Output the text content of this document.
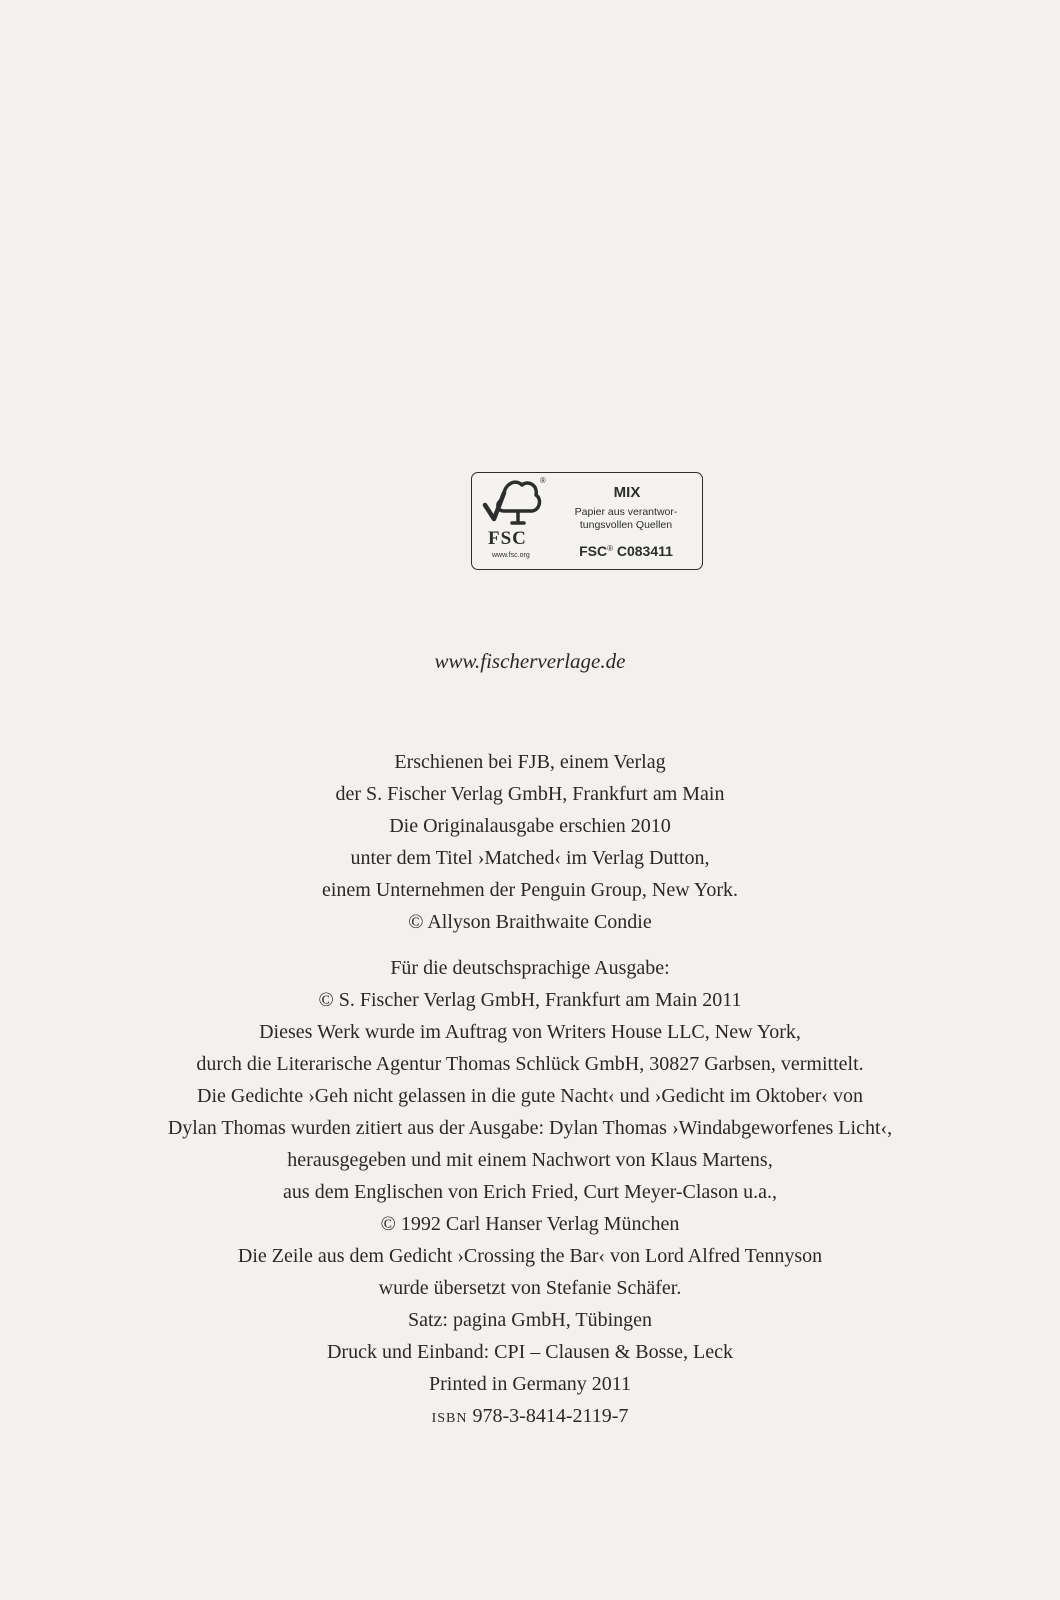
®
FSC
www.fsc.org
MIX
Papier aus verantwor-
tungsvollen Quellen
FSC® C083411
www.fischerverlage.de
Erschienen bei FJB, einem Verlag
der S. Fischer Verlag GmbH, Frankfurt am Main
Die Originalausgabe erschien 2010
unter dem Titel ›Matched‹ im Verlag Dutton,
einem Unternehmen der Penguin Group, New York.
© Allyson Braithwaite Condie
Für die deutschsprachige Ausgabe:
© S. Fischer Verlag GmbH, Frankfurt am Main 2011
Dieses Werk wurde im Auftrag von Writers House LLC, New York,
durch die Literarische Agentur Thomas Schlück GmbH, 30827 Garbsen, vermittelt.
Die Gedichte ›Geh nicht gelassen in die gute Nacht‹ und ›Gedicht im Oktober‹ von
Dylan Thomas wurden zitiert aus der Ausgabe: Dylan Thomas ›Windabgeworfenes Licht‹,
herausgegeben und mit einem Nachwort von Klaus Martens,
aus dem Englischen von Erich Fried, Curt Meyer-Clason u.a.,
© 1992 Carl Hanser Verlag München
Die Zeile aus dem Gedicht ›Crossing the Bar‹ von Lord Alfred Tennyson
wurde übersetzt von Stefanie Schäfer.
Satz: pagina GmbH, Tübingen
Druck und Einband: CPI – Clausen & Bosse, Leck
Printed in Germany 2011
ISBN 978-3-8414-2119-7
